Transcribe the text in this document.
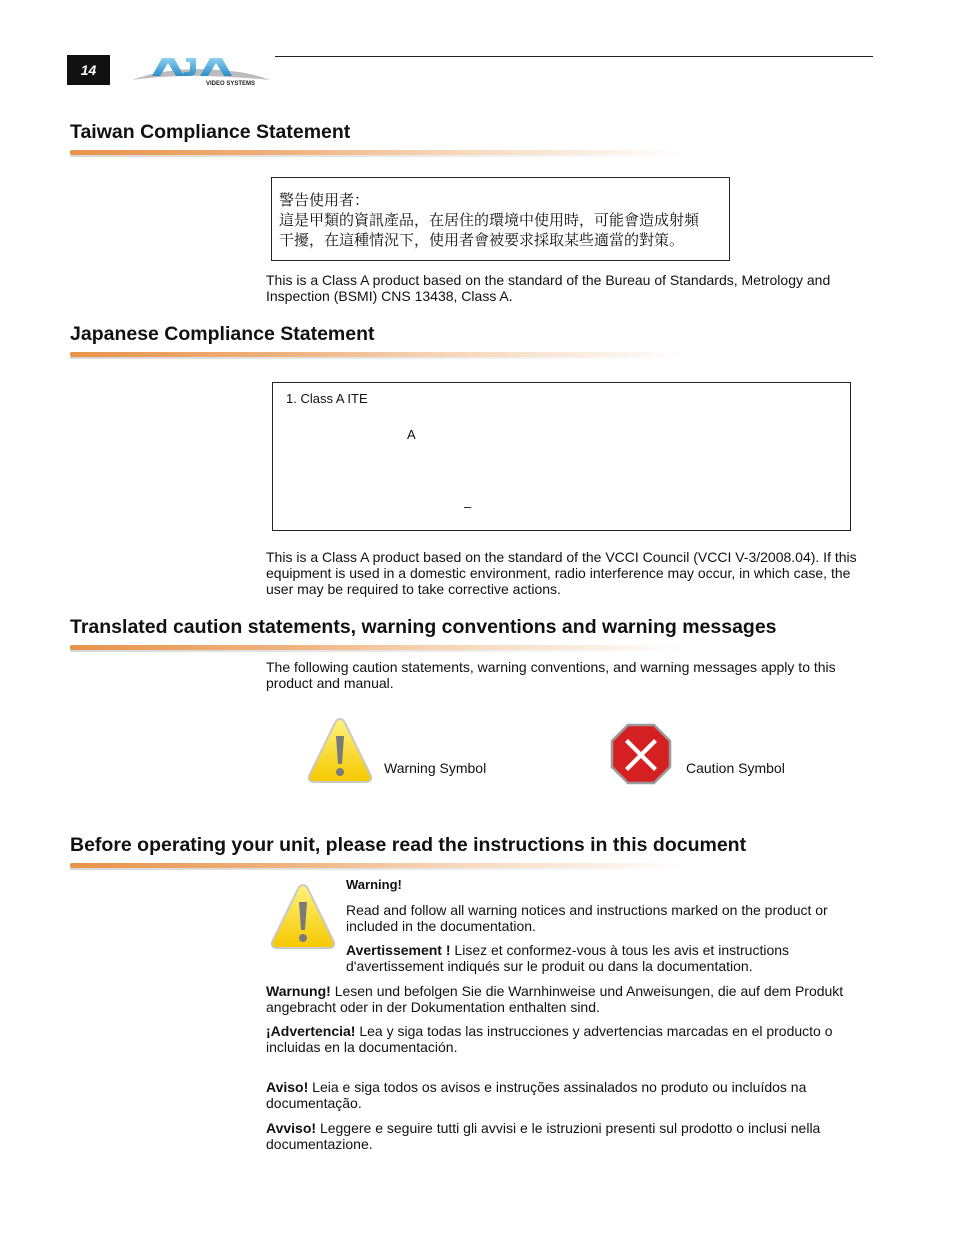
14
VIDEO SYSTEMS
Taiwan Compliance Statement
警告使用者：
這是甲類的資訊產品，在居住的環境中使用時，可能會造成射頻
干擾，在這種情況下，使用者會被要求採取某些適當的對策。
This is a Class A product based on the standard of the Bureau of Standards, Metrology and Inspection (BSMI) CNS 13438, Class A.
Japanese Compliance Statement
1. Class A ITE
A
–
This is a Class A product based on the standard of the VCCI Council (VCCI V-3/2008.04). If this equipment is used in a domestic environment, radio interference may occur, in which case, the user may be required to take corrective actions.
Translated caution statements, warning conventions and warning messages
The following caution statements, warning conventions, and warning messages apply to this product and manual.
Warning Symbol	Caution Symbol
Before operating your unit, please read the instructions in this document
Warning!
Read and follow all warning notices and instructions marked on the product or included in the documentation.
Avertissement ! Lisez et conformez-vous à tous les avis et instructions d'avertissement indiqués sur le produit ou dans la documentation.
Warnung! Lesen und befolgen Sie die Warnhinweise und Anweisungen, die auf dem Produkt angebracht oder in der Dokumentation enthalten sind.
¡Advertencia! Lea y siga todas las instrucciones y advertencias marcadas en el producto o incluidas en la documentación.
Aviso! Leia e siga todos os avisos e instruções assinalados no produto ou incluídos na documentação.
Avviso! Leggere e seguire tutti gli avvisi e le istruzioni presenti sul prodotto o inclusi nella documentazione.
